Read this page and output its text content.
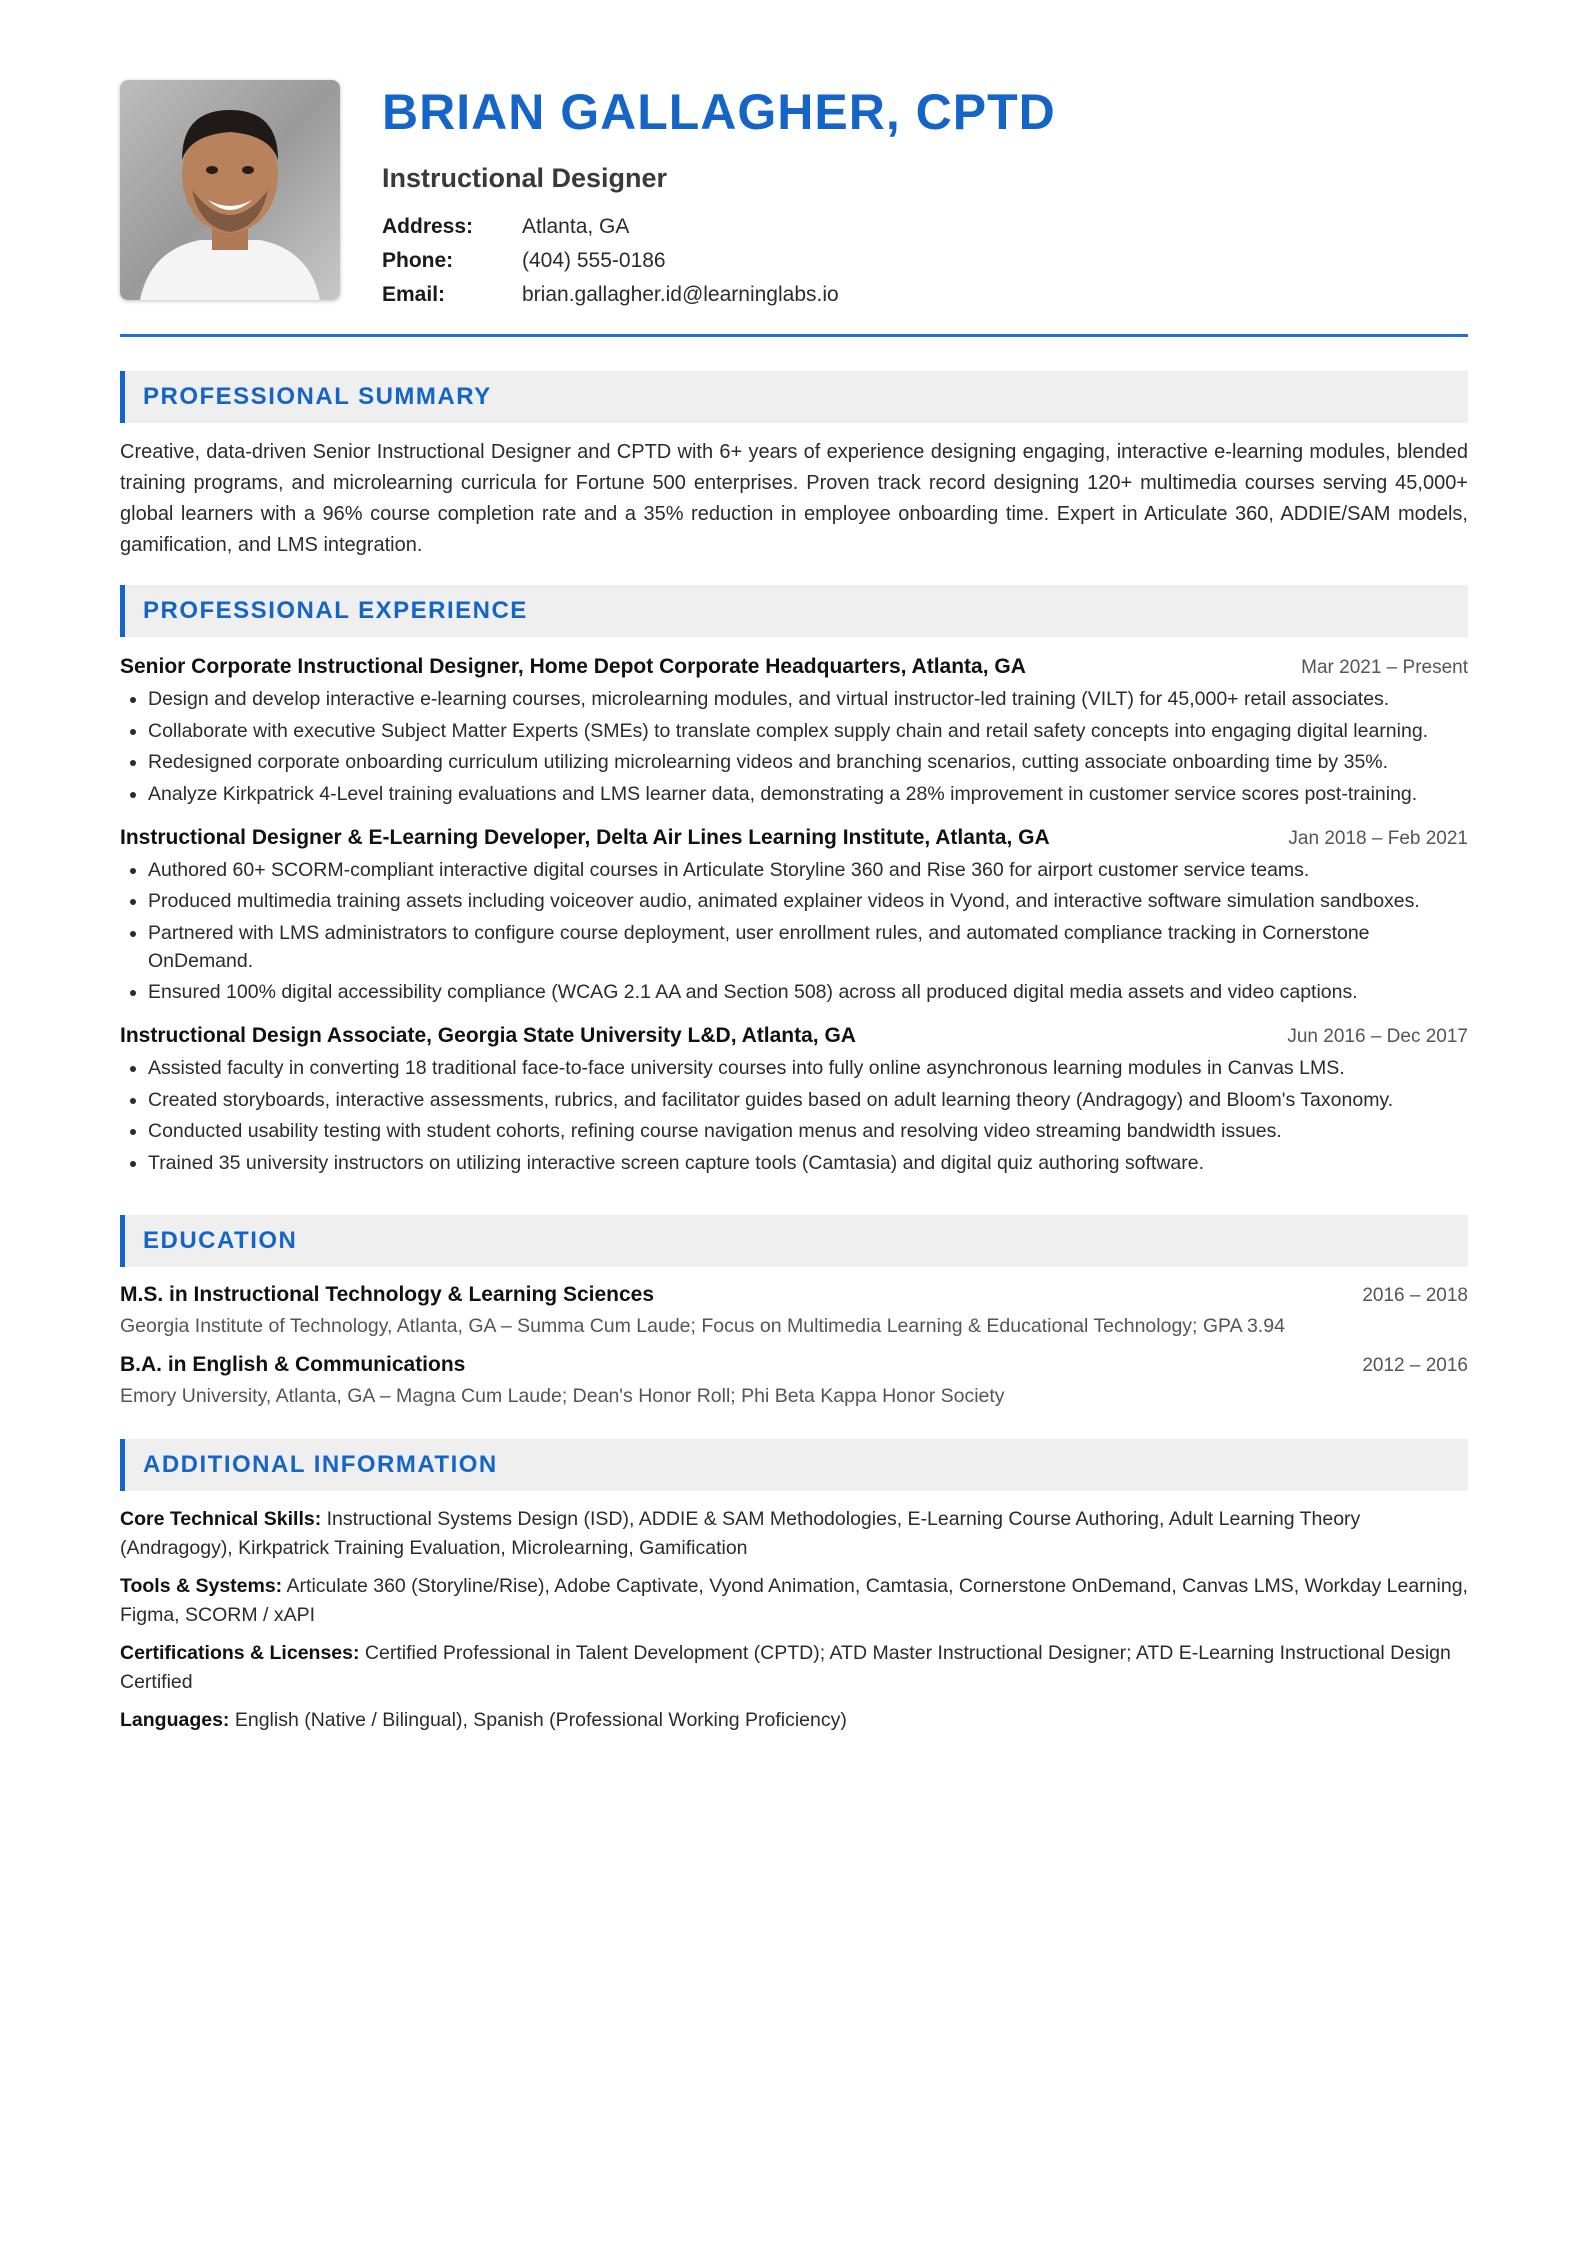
BRIAN GALLAGHER, CPTD
Instructional Designer
Address:	Atlanta, GA
Phone:	(404) 555-0186
Email:	brian.gallagher.id@learninglabs.io
PROFESSIONAL SUMMARY
Creative, data-driven Senior Instructional Designer and CPTD with 6+ years of experience designing engaging, interactive e-learning modules, blended training programs, and microlearning curricula for Fortune 500 enterprises. Proven track record designing 120+ multimedia courses serving 45,000+ global learners with a 96% course completion rate and a 35% reduction in employee onboarding time. Expert in Articulate 360, ADDIE/SAM models, gamification, and LMS integration.
PROFESSIONAL EXPERIENCE
Senior Corporate Instructional Designer, Home Depot Corporate Headquarters, Atlanta, GA	Mar 2021 – Present
• Design and develop interactive e-learning courses, microlearning modules, and virtual instructor-led training (VILT) for 45,000+ retail associates.
• Collaborate with executive Subject Matter Experts (SMEs) to translate complex supply chain and retail safety concepts into engaging digital learning.
• Redesigned corporate onboarding curriculum utilizing microlearning videos and branching scenarios, cutting associate onboarding time by 35%.
• Analyze Kirkpatrick 4-Level training evaluations and LMS learner data, demonstrating a 28% improvement in customer service scores post-training.
Instructional Designer & E-Learning Developer, Delta Air Lines Learning Institute, Atlanta, GA	Jan 2018 – Feb 2021
• Authored 60+ SCORM-compliant interactive digital courses in Articulate Storyline 360 and Rise 360 for airport customer service teams.
• Produced multimedia training assets including voiceover audio, animated explainer videos in Vyond, and interactive software simulation sandboxes.
• Partnered with LMS administrators to configure course deployment, user enrollment rules, and automated compliance tracking in Cornerstone OnDemand.
• Ensured 100% digital accessibility compliance (WCAG 2.1 AA and Section 508) across all produced digital media assets and video captions.
Instructional Design Associate, Georgia State University L&D, Atlanta, GA	Jun 2016 – Dec 2017
• Assisted faculty in converting 18 traditional face-to-face university courses into fully online asynchronous learning modules in Canvas LMS.
• Created storyboards, interactive assessments, rubrics, and facilitator guides based on adult learning theory (Andragogy) and Bloom's Taxonomy.
• Conducted usability testing with student cohorts, refining course navigation menus and resolving video streaming bandwidth issues.
• Trained 35 university instructors on utilizing interactive screen capture tools (Camtasia) and digital quiz authoring software.
EDUCATION
M.S. in Instructional Technology & Learning Sciences	2016 – 2018
Georgia Institute of Technology, Atlanta, GA – Summa Cum Laude; Focus on Multimedia Learning & Educational Technology; GPA 3.94
B.A. in English & Communications	2012 – 2016
Emory University, Atlanta, GA – Magna Cum Laude; Dean's Honor Roll; Phi Beta Kappa Honor Society
ADDITIONAL INFORMATION
Core Technical Skills: Instructional Systems Design (ISD), ADDIE & SAM Methodologies, E-Learning Course Authoring, Adult Learning Theory (Andragogy), Kirkpatrick Training Evaluation, Microlearning, Gamification
Tools & Systems: Articulate 360 (Storyline/Rise), Adobe Captivate, Vyond Animation, Camtasia, Cornerstone OnDemand, Canvas LMS, Workday Learning, Figma, SCORM / xAPI
Certifications & Licenses: Certified Professional in Talent Development (CPTD); ATD Master Instructional Designer; ATD E-Learning Instructional Design Certified
Languages: English (Native / Bilingual), Spanish (Professional Working Proficiency)
